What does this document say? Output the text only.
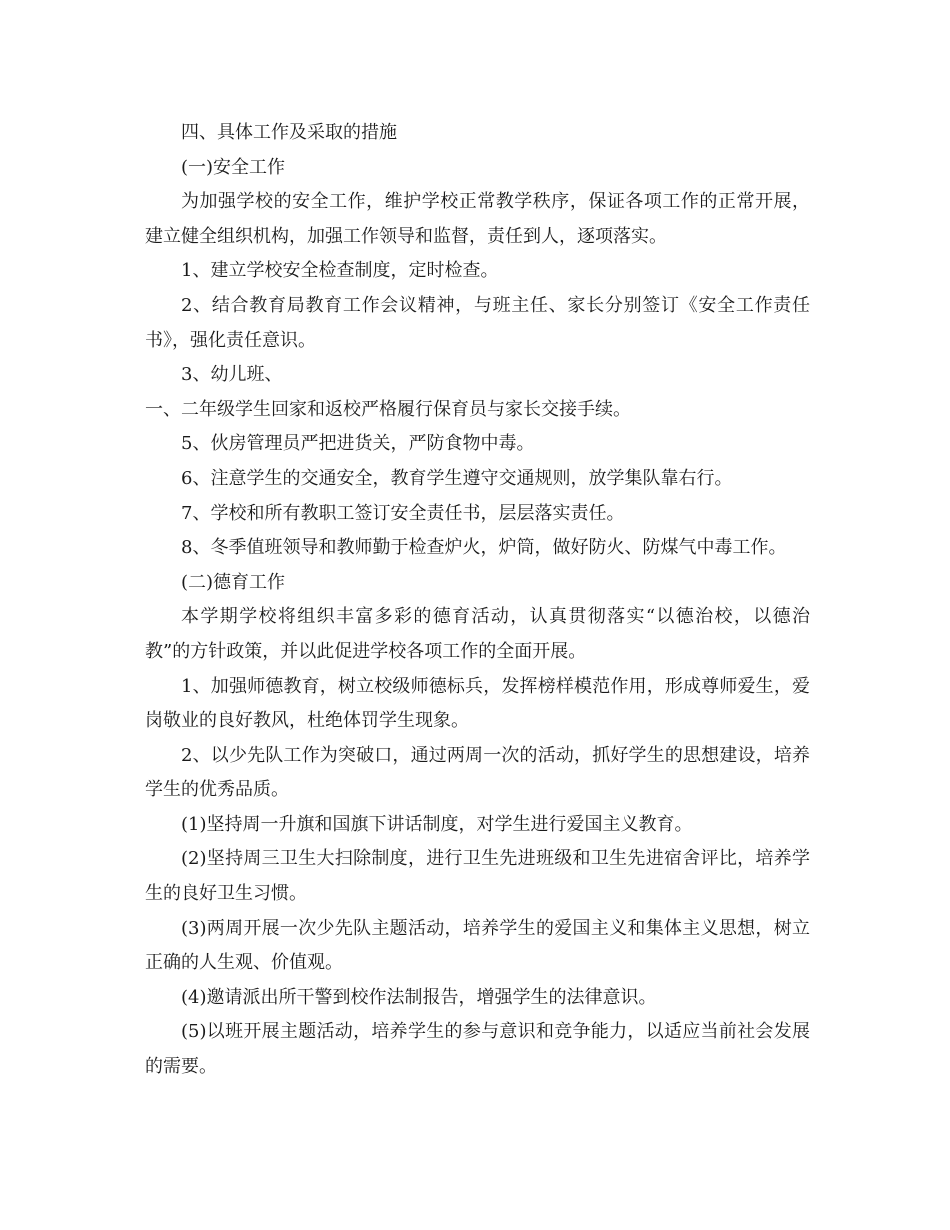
四、具体工作及采取的措施

(一)安全工作

为加强学校的安全工作，维护学校正常教学秩序，保证各项工作的正常开展，建立健全组织机构，加强工作领导和监督，责任到人，逐项落实。

1、建立学校安全检查制度，定时检查。

2、结合教育局教育工作会议精神，与班主任、家长分别签订《安全工作责任书》，强化责任意识。

3、幼儿班、

一、二年级学生回家和返校严格履行保育员与家长交接手续。

5、伙房管理员严把进货关，严防食物中毒。

6、注意学生的交通安全，教育学生遵守交通规则，放学集队靠右行。

7、学校和所有教职工签订安全责任书，层层落实责任。

8、冬季值班领导和教师勤于检查炉火，炉筒，做好防火、防煤气中毒工作。

(二)德育工作

本学期学校将组织丰富多彩的德育活动，认真贯彻落实“以德治校，以德治教”的方针政策，并以此促进学校各项工作的全面开展。

1、加强师德教育，树立校级师德标兵，发挥榜样模范作用，形成尊师爱生，爱岗敬业的良好教风，杜绝体罚学生现象。

2、以少先队工作为突破口，通过两周一次的活动，抓好学生的思想建设，培养学生的优秀品质。

(1)坚持周一升旗和国旗下讲话制度，对学生进行爱国主义教育。

(2)坚持周三卫生大扫除制度，进行卫生先进班级和卫生先进宿舍评比，培养学生的良好卫生习惯。

(3)两周开展一次少先队主题活动，培养学生的爱国主义和集体主义思想，树立正确的人生观、价值观。

(4)邀请派出所干警到校作法制报告，增强学生的法律意识。

(5)以班开展主题活动，培养学生的参与意识和竞争能力，以适应当前社会发展的需要。
